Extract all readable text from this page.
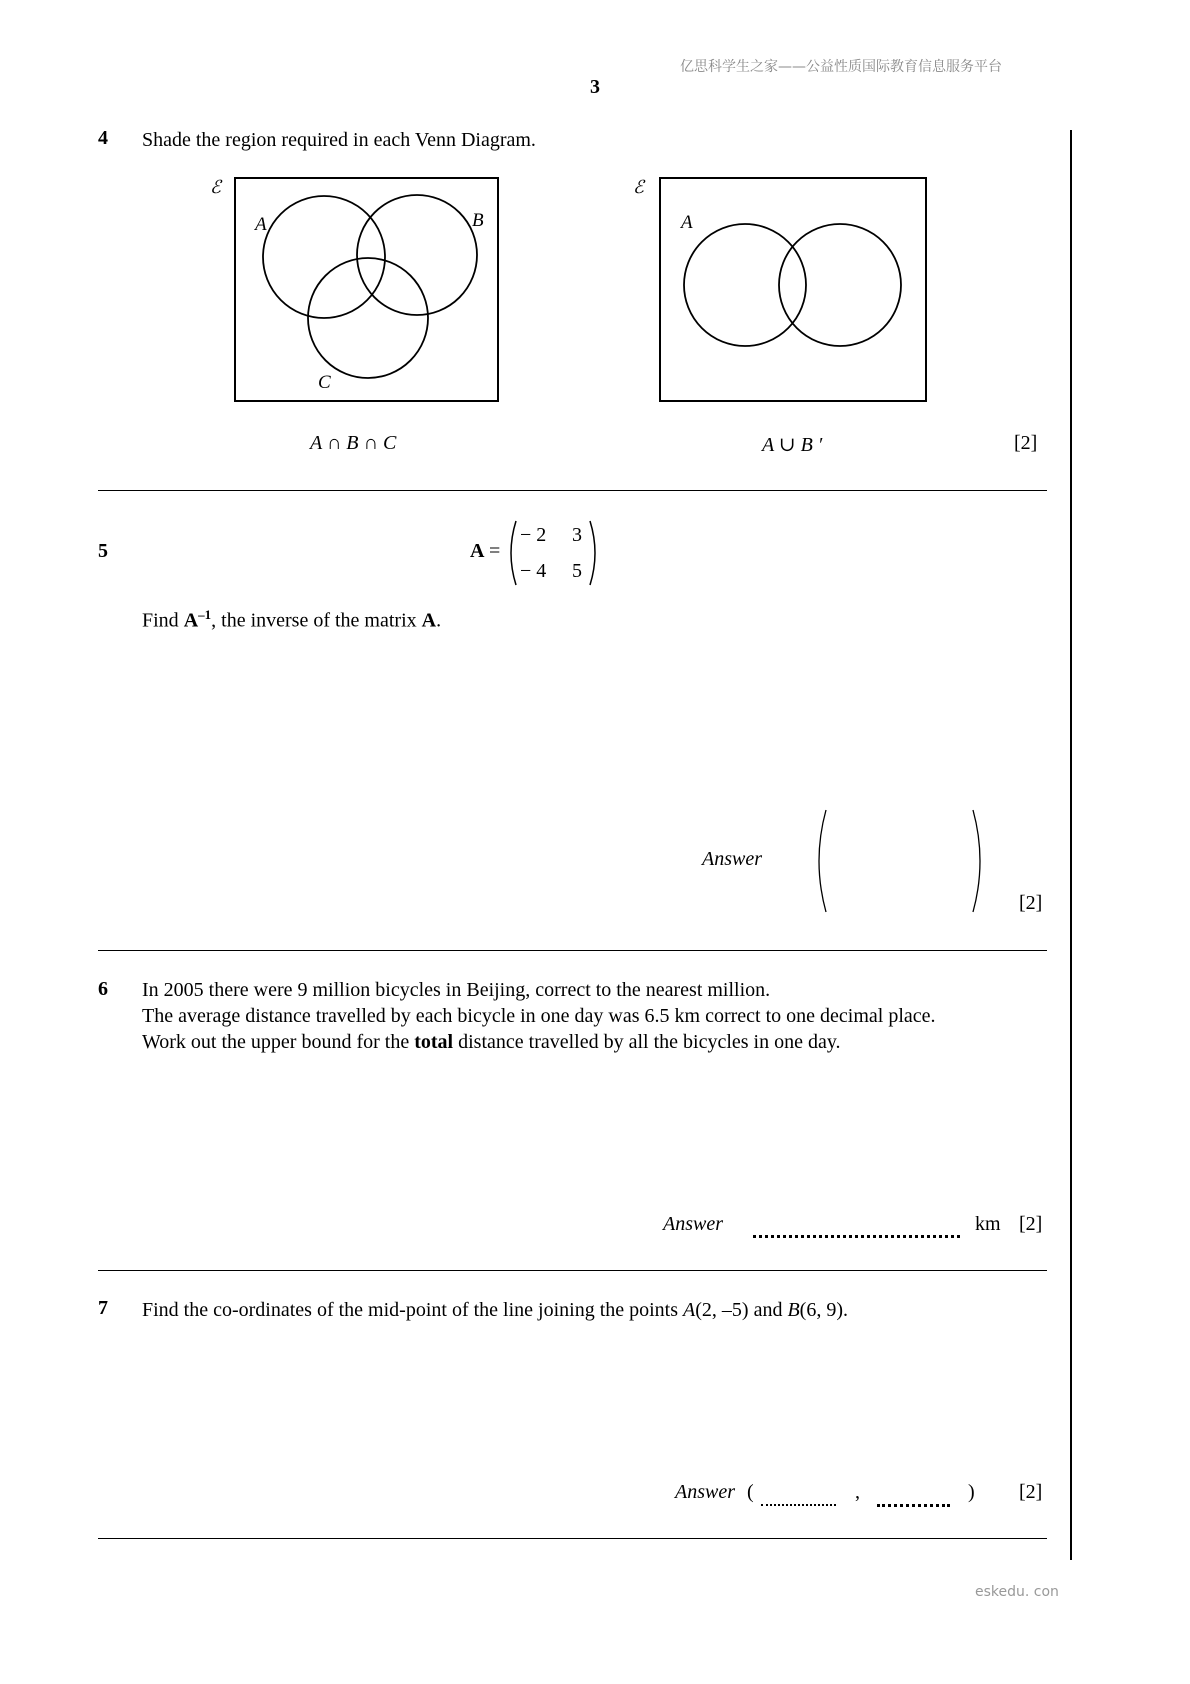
亿思科学生之家——公益性质国际教育信息服务平台
3
4 Shade the region required in each Venn Diagram.
ℰ
A	B
C
A ∩ B ∩ C
ℰ
A
A ∪ B ′	[2]
5	A =
− 2 3
− 4 5
Find $A^{-1}$, the inverse of the matrix A.
Answer
[2]
6 In 2005 there were 9 million bicycles in Beijing, correct to the nearest million.
The average distance travelled by each bicycle in one day was 6.5 km correct to one decimal place.
Work out the upper bound for the total distance travelled by all the bicycles in one day.
Answer	km [2]
7 Find the co-ordinates of the mid-point of the line joining the points A(2, –5) and B(6, 9).
Answer (	,	) [2]
eskedu. con
